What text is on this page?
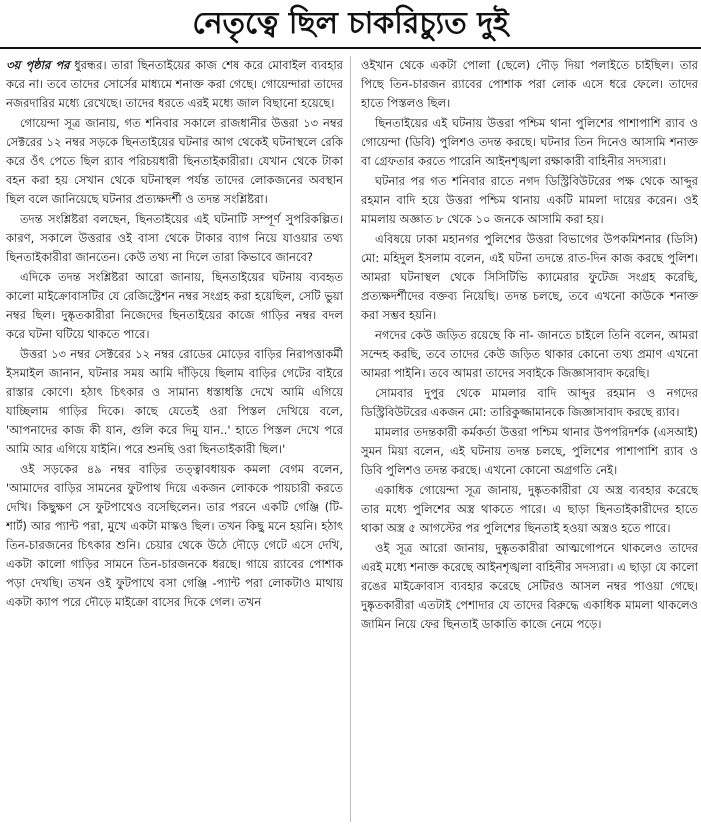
নেতৃত্বে ছিল চাকরিচ্যুত দুই

৩য় পৃষ্ঠার পর ধুরন্ধর। তারা ছিনতাইয়ের কাজ শেষ করে মোবাইল ব্যবহার করে না। তবে তাদের সোর্সের মাধ্যমে শনাক্ত করা গেছে। গোয়েন্দারা তাদের নজরদারির মধ্যে রেখেছে। তাদের ধরতে এরই মধ্যে জাল বিছানো হয়েছে।

গোয়েন্দা সূত্র জানায়, গত শনিবার সকালে রাজধানীর উত্তরা ১৩ নম্বর সেক্টরের ১২ নম্বর সড়কে ছিনতাইয়ের ঘটনার আগ থেকেই ঘটনাস্থলে রেকি করে ওঁৎ পেতে ছিল র‍্যাব পরিচয়ধারী ছিনতাইকারীরা। যেখান থেকে টাকা বহন করা হয় সেখান থেকে ঘটনাস্থল পর্যন্ত তাদের লোকজনের অবস্থান ছিল বলে জানিয়েছে ঘটনার প্রত্যক্ষদর্শী ও তদন্ত সংশ্লিষ্টরা।

তদন্ত সংশ্লিষ্টরা বলছেন, ছিনতাইয়ের এই ঘটনাটি সম্পূর্ণ সুপরিকল্পিত। কারণ, সকালে উত্তরার ওই বাসা থেকে টাকার ব্যাগ নিয়ে যাওয়ার তথ্য ছিনতাইকারীরা জানতেন। কেউ তথ্য না দিলে তারা কিভাবে জানবে?

এদিকে তদন্ত সংশ্লিষ্টরা আরো জানায়, ছিনতাইয়ের ঘটনায় ব্যবহৃত কালো মাইক্রোবাসটির যে রেজিস্ট্রেশন নম্বর সংগ্রহ করা হয়েছিল, সেটি ভুয়া নম্বর ছিল। দুষ্কৃতকারীরা নিজেদের ছিনতাইয়ের কাজে গাড়ির নম্বর বদল করে ঘটনা ঘটিয়ে থাকতে পারে।

উত্তরা ১৩ নম্বর সেক্টরের ১২ নম্বর রোডের মোড়ের বাড়ির নিরাপত্তাকর্মী ইসমাইল জানান, ঘটনার সময় আমি দাঁড়িয়ে ছিলাম বাড়ির গেটের বাইরে রাস্তার কোণে। হঠাৎ চিৎকার ও সামান্য ধস্তাধস্তি দেখে আমি এগিয়ে যাচ্ছিলাম গাড়ির দিকে। কাছে যেতেই ওরা পিস্তল দেখিয়ে বলে, 'আপনাদের কাজ কী যান, গুলি করে দিমু যান..' হাতে পিস্তল দেখে পরে আমি আর এগিয়ে যাইনি। পরে শুনছি ওরা ছিনতাইকারী ছিল।'

ওই সড়কের ৪৯ নম্বর বাড়ির তত্ত্বাবধায়ক কমলা বেগম বলেন, 'আমাদের বাড়ির সামনের ফুটপাথ দিয়ে একজন লোককে পায়চারী করতে দেখি। কিছুক্ষণ সে ফুটপাথেও বসেছিলেন। তার পরনে একটি গেঞ্জি (টি-শার্ট) আর প্যান্ট পরা, মুখে একটা মাস্কও ছিল। তখন কিছু মনে হয়নি। হঠাৎ তিন-চারজনের চিৎকার শুনি। চেয়ার থেকে উঠে দৌড়ে গেটে এসে দেখি, একটা কালো গাড়ির সামনে তিন-চারজনকে ধরছে। গায়ে র‍্যাবের পোশাক পড়া দেখছি। তখন ওই ফুটপাথে বসা গেঞ্জি -প্যান্ট পরা লোকটাও মাথায় একটা ক্যাপ পরে দৌড়ে মাইক্রো বাসের দিকে গেল। তখন

ওইখান থেকে একটা পোলা (ছেলে) দৌড় দিয়া পলাইতে চাইছিল। তার পিছে তিন-চারজন র‍্যাবের পোশাক পরা লোক এসে ধরে ফেলে। তাদের হাতে পিস্তলও ছিল।

ছিনতাইয়ের এই ঘটনায় উত্তরা পশ্চিম থানা পুলিশের পাশাপাশি র‍্যাব ও গোয়েন্দা (ডিবি) পুলিশও তদন্ত করছে। ঘটনার তিন দিনেও আসামি শনাক্ত বা গ্রেফতার করতে পারেনি আইনশৃঙ্খলা রক্ষাকারী বাহিনীর সদস্যরা।

ঘটনার পর গত শনিবার রাতে নগদ ডিস্ট্রিবিউটরের পক্ষ থেকে আব্দুর রহমান বাদি হয়ে উত্তরা পশ্চিম থানায় একটি মামলা দায়ের করেন। ওই মামলায় অজ্ঞাত ৮ থেকে ১০ জনকে আসামি করা হয়।

এবিষয়ে ঢাকা মহানগর পুলিশের উত্তরা বিভাগের উপকমিশনার (ডিসি) মো: মহিদুল ইসলাম বলেন, এই ঘটনা তদন্তে রাত-দিন কাজ করছে পুলিশ। আমরা ঘটনাস্থল থেকে সিসিটিভি ক্যামেরার ফুটেজ সংগ্রহ করেছি, প্রত্যক্ষদর্শীদের বক্তব্য নিয়েছি। তদন্ত চলছে, তবে এখনো কাউকে শনাক্ত করা সম্ভব হয়নি।

নগদের কেউ জড়িত রয়েছে কি না- জানতে চাইলে তিনি বলেন, আমরা সন্দেহ করছি, তবে তাদের কেউ জড়িত থাকার কোনো তথ্য প্রমাণ এখনো আমরা পাইনি। তবে আমরা তাদের সবাইকে জিজ্ঞাসাবাদ করেছি।

সোমবার দুপুর থেকে মামলার বাদি আব্দুর রহমান ও নগদের ডিস্ট্রিবিউটরের একজন মো: তারিকুজ্জামানকে জিজ্ঞাসাবাদ করছে র‍্যাব।

মামলার তদন্তকারী কর্মকর্তা উত্তরা পশ্চিম থানার উপপরিদর্শক (এসআই) সুমন মিয়া বলেন, এই ঘটনায় তদন্ত চলছে, পুলিশের পাশাপাশি র‍্যাব ও ডিবি পুলিশও তদন্ত করছে। এখনো কোনো অগ্রগতি নেই।

একাধিক গোয়েন্দা সূত্র জানায়, দুষ্কৃতকারীরা যে অস্ত্র ব্যবহার করেছে তার মধ্যে পুলিশের অস্ত্র থাকতে পারে। এ ছাড়া ছিনতাইকারীদের হাতে থাকা অস্ত্র ৫ আগস্টের পর পুলিশের ছিনতাই হওয়া অস্ত্রও হতে পারে।

ওই সূত্র আরো জানায়, দুষ্কৃতকারীরা আত্মগোপনে থাকলেও তাদের এরই মধ্যে শনাক্ত করেছে আইনশৃঙ্খলা বাহিনীর সদস্যরা। এ ছাড়া যে কালো রঙের মাইক্রোবাস ব্যবহার করেছে সেটিরও আসল নম্বর পাওয়া গেছে। দুষ্কৃতকারীরা এতটাই পেশাদার যে তাদের বিরুদ্ধে একাধিক মামলা থাকলেও জামিন নিয়ে ফের ছিনতাই ডাকাতি কাজে নেমে পড়ে।
